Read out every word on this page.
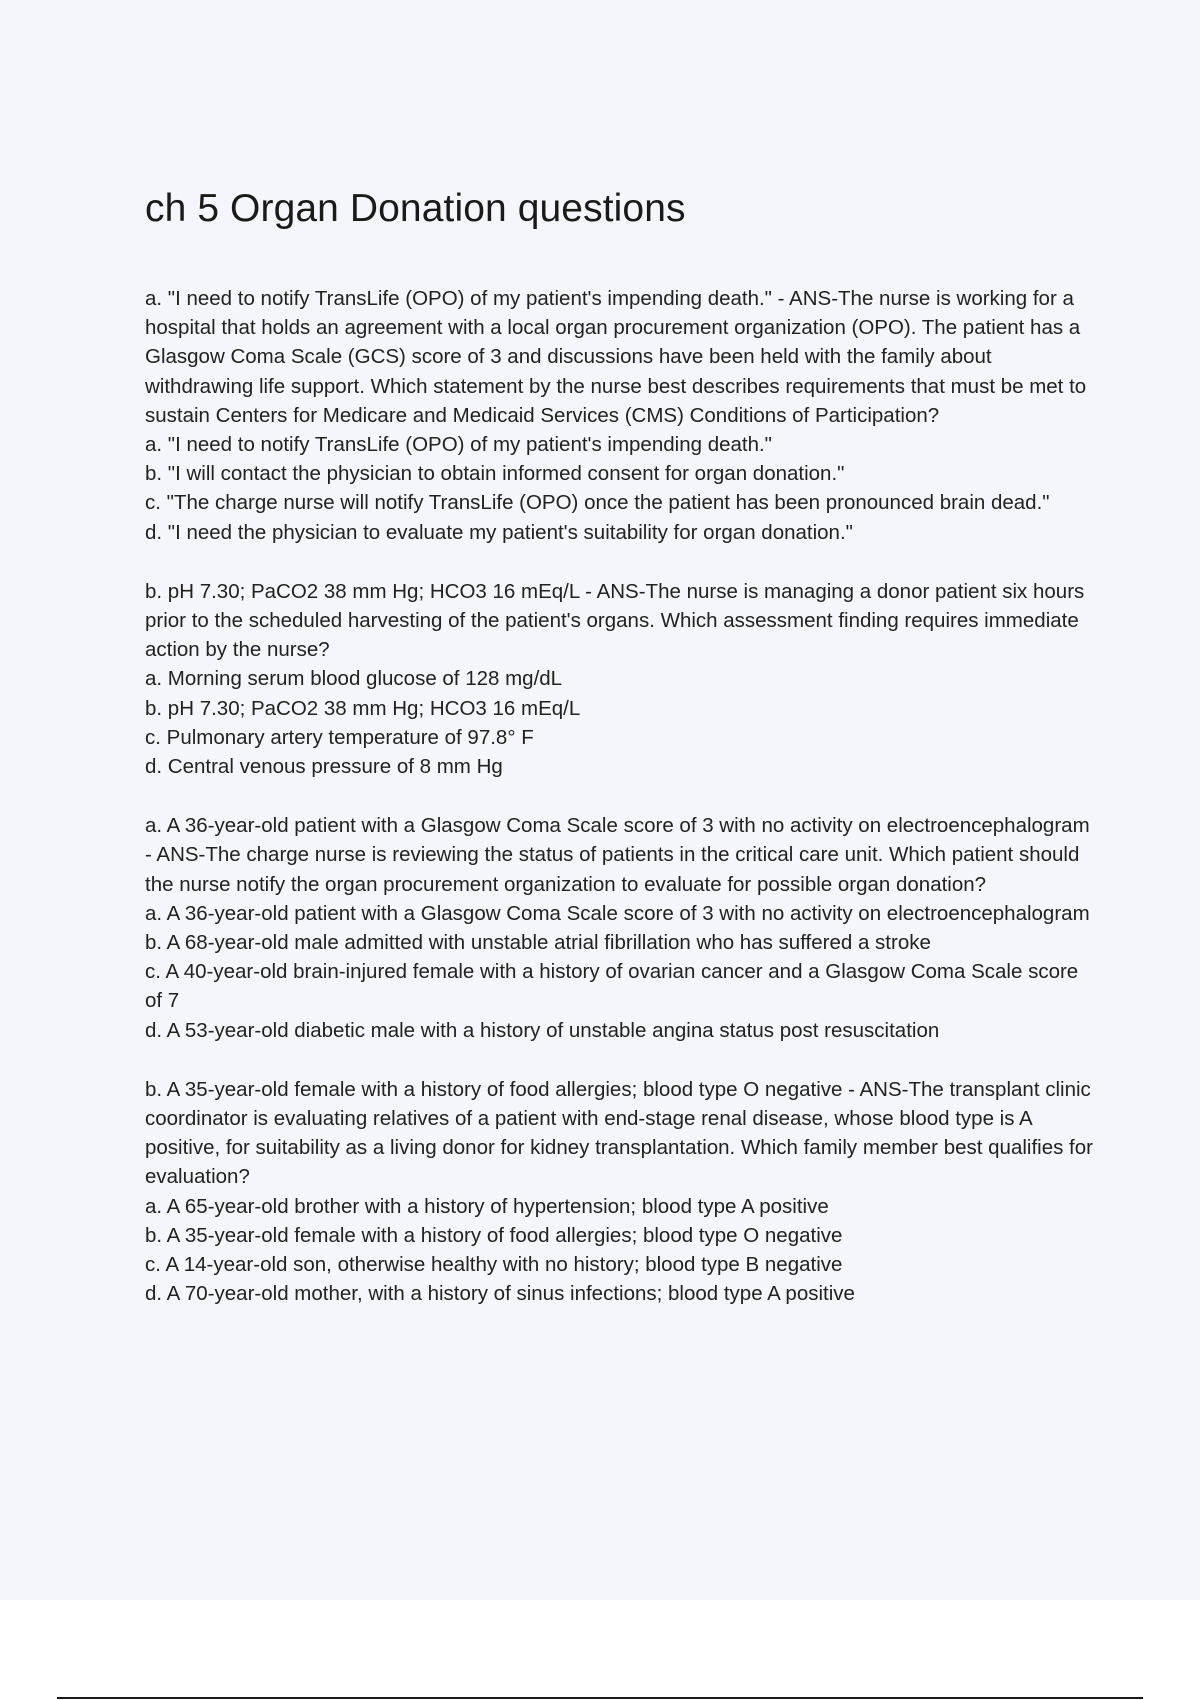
ch 5 Organ Donation questions

a. "I need to notify TransLife (OPO) of my patient's impending death." - ANS-The nurse is working for a hospital that holds an agreement with a local organ procurement organization (OPO). The patient has a Glasgow Coma Scale (GCS) score of 3 and discussions have been held with the family about withdrawing life support. Which statement by the nurse best describes requirements that must be met to sustain Centers for Medicare and Medicaid Services (CMS) Conditions of Participation?

a. "I need to notify TransLife (OPO) of my patient's impending death."

b. "I will contact the physician to obtain informed consent for organ donation."

c. "The charge nurse will notify TransLife (OPO) once the patient has been pronounced brain dead."

d. "I need the physician to evaluate my patient's suitability for organ donation."

b. pH 7.30; PaCO2 38 mm Hg; HCO3 16 mEq/L - ANS-The nurse is managing a donor patient six hours prior to the scheduled harvesting of the patient's organs. Which assessment finding requires immediate action by the nurse?

a. Morning serum blood glucose of 128 mg/dL

b. pH 7.30; PaCO2 38 mm Hg; HCO3 16 mEq/L

c. Pulmonary artery temperature of 97.8° F

d. Central venous pressure of 8 mm Hg

a. A 36-year-old patient with a Glasgow Coma Scale score of 3 with no activity on electroencephalogram - ANS-The charge nurse is reviewing the status of patients in the critical care unit. Which patient should the nurse notify the organ procurement organization to evaluate for possible organ donation?

a. A 36-year-old patient with a Glasgow Coma Scale score of 3 with no activity on electroencephalogram

b. A 68-year-old male admitted with unstable atrial fibrillation who has suffered a stroke

c. A 40-year-old brain-injured female with a history of ovarian cancer and a Glasgow Coma Scale score of 7

d. A 53-year-old diabetic male with a history of unstable angina status post resuscitation

b. A 35-year-old female with a history of food allergies; blood type O negative - ANS-The transplant clinic coordinator is evaluating relatives of a patient with end-stage renal disease, whose blood type is A positive, for suitability as a living donor for kidney transplantation. Which family member best qualifies for evaluation?

a. A 65-year-old brother with a history of hypertension; blood type A positive

b. A 35-year-old female with a history of food allergies; blood type O negative

c. A 14-year-old son, otherwise healthy with no history; blood type B negative

d. A 70-year-old mother, with a history of sinus infections; blood type A positive
